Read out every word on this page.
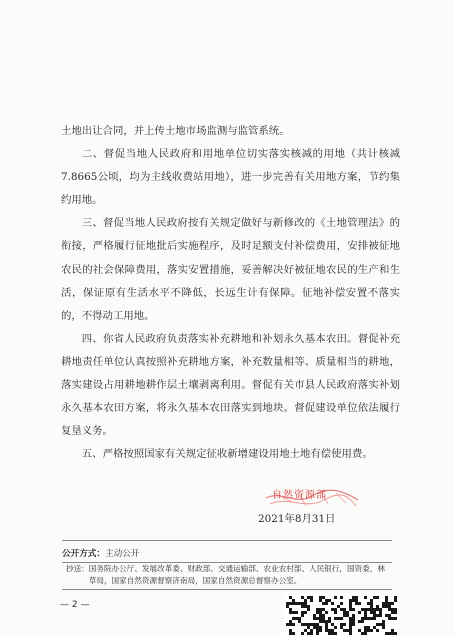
土地出让合同，并上传土地市场监测与监管系统。

二、督促当地人民政府和用地单位切实落实核减的用地（共计核减7.8665公顷，均为主线收费站用地），进一步完善有关用地方案，节约集约用地。

三、督促当地人民政府按有关规定做好与新修改的《土地管理法》的衔接，严格履行征地批后实施程序，及时足额支付补偿费用，安排被征地农民的社会保障费用，落实安置措施，妥善解决好被征地农民的生产和生活，保证原有生活水平不降低，长远生计有保障。征地补偿安置不落实的，不得动工用地。

四、你省人民政府负责落实补充耕地和补划永久基本农田。督促补充耕地责任单位认真按照补充耕地方案，补充数量相等、质量相当的耕地，落实建设占用耕地耕作层土壤剥离利用。督促有关市县人民政府落实补划永久基本农田方案，将永久基本农田落实到地块。督促建设单位依法履行复垦义务。

五、严格按照国家有关规定征收新增建设用地土地有偿使用费。

自然资源部
2021年8月31日
公开方式：主动公开
抄送： 国务院办公厅、发展改革委、财政部、交通运输部、农业农村部、人民银行，国资委，林草局，国家自然资源督察济南局，国家自然资源总督察办公室。
— 2 —
